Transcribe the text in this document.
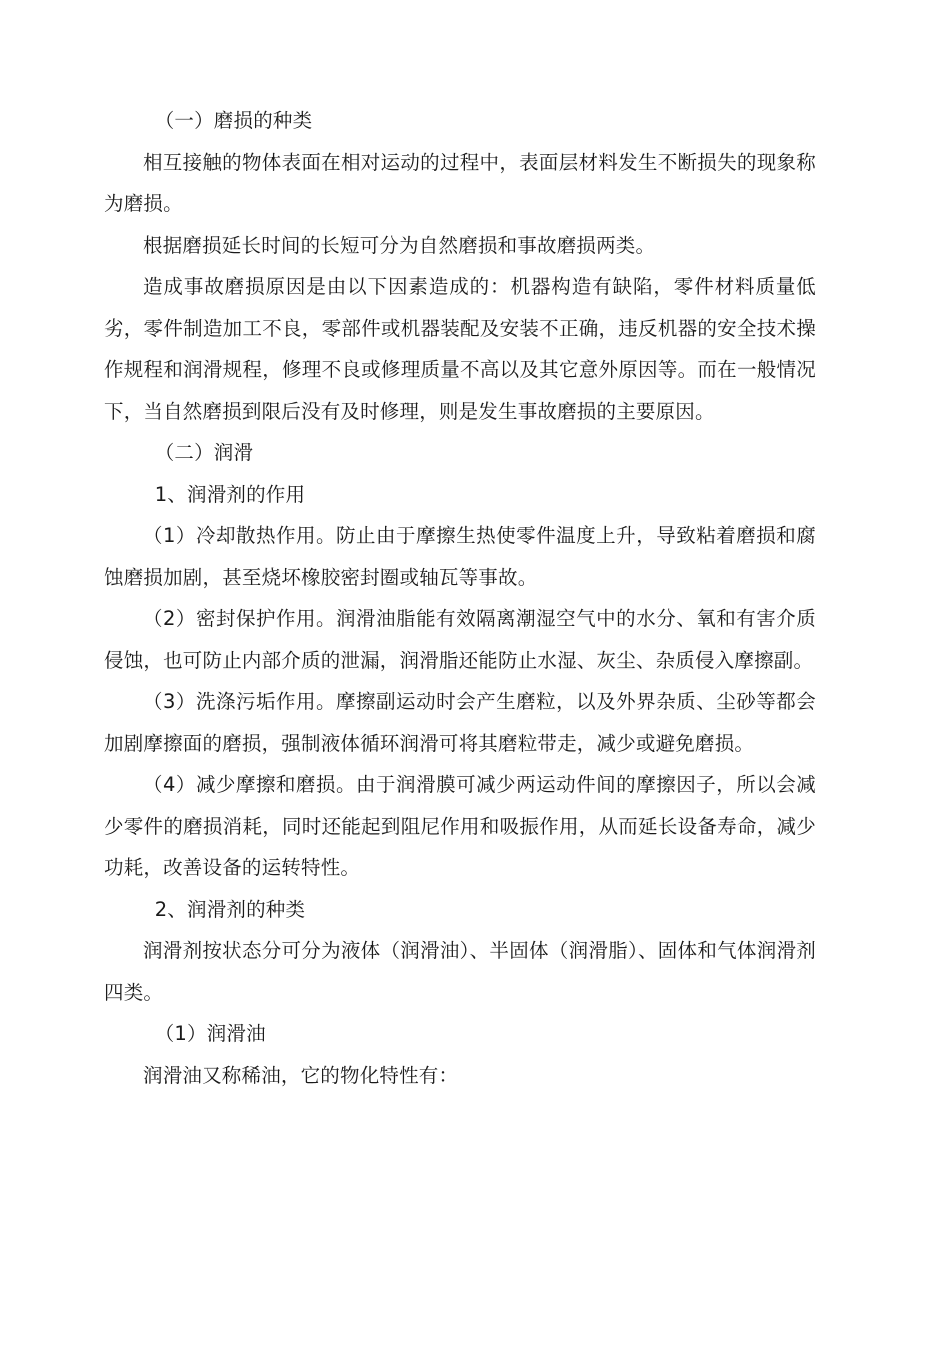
（一）磨损的种类

相互接触的物体表面在相对运动的过程中，表面层材料发生不断损失的现象称为磨损。

根据磨损延长时间的长短可分为自然磨损和事故磨损两类。

造成事故磨损原因是由以下因素造成的：机器构造有缺陷，零件材料质量低劣，零件制造加工不良，零部件或机器装配及安装不正确，违反机器的安全技术操作规程和润滑规程，修理不良或修理质量不高以及其它意外原因等。而在一般情况下，当自然磨损到限后没有及时修理，则是发生事故磨损的主要原因。

（二）润滑

1、润滑剂的作用

（1）冷却散热作用。防止由于摩擦生热使零件温度上升，导致粘着磨损和腐蚀磨损加剧，甚至烧坏橡胶密封圈或轴瓦等事故。

（2）密封保护作用。润滑油脂能有效隔离潮湿空气中的水分、氧和有害介质侵蚀，也可防止内部介质的泄漏，润滑脂还能防止水湿、灰尘、杂质侵入摩擦副。

（3）洗涤污垢作用。摩擦副运动时会产生磨粒，以及外界杂质、尘砂等都会加剧摩擦面的磨损，强制液体循环润滑可将其磨粒带走，减少或避免磨损。

（4）减少摩擦和磨损。由于润滑膜可减少两运动件间的摩擦因子，所以会减少零件的磨损消耗，同时还能起到阻尼作用和吸振作用，从而延长设备寿命，减少功耗，改善设备的运转特性。

2、润滑剂的种类

润滑剂按状态分可分为液体（润滑油）、半固体（润滑脂）、固体和气体润滑剂四类。

（1）润滑油

润滑油又称稀油，它的物化特性有：
